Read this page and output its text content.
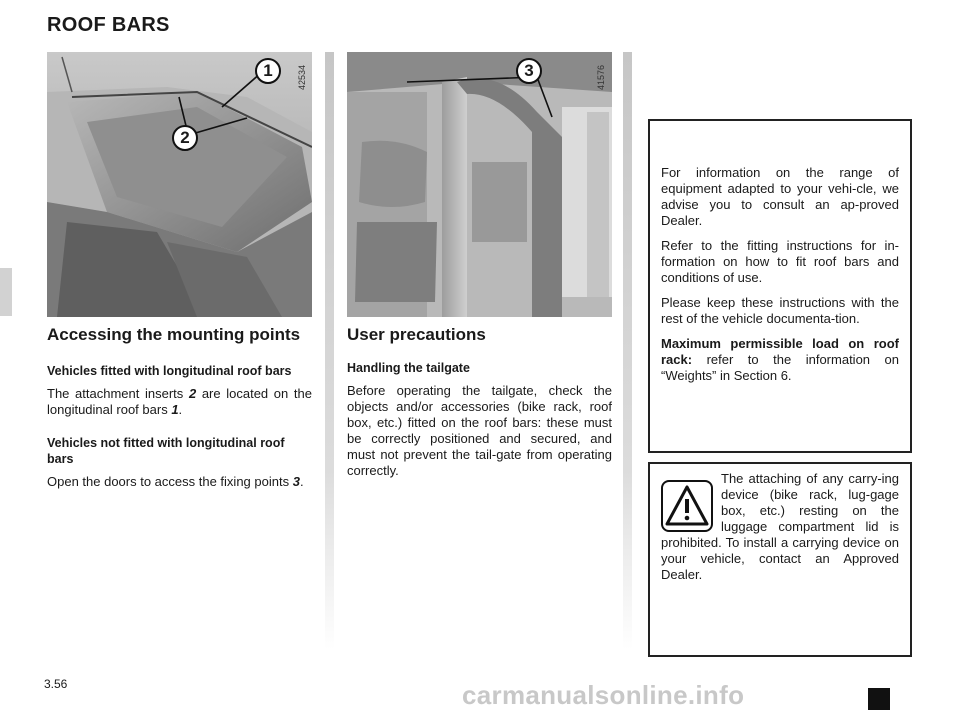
ROOF BARS
1
2
42534	3	41576
Accessing the mounting points
Vehicles fitted with longitudinal roof bars
The attachment inserts 2 are located on the longitudinal roof bars 1.
Vehicles not fitted with longitudinal roof bars
Open the doors to access the fixing points 3.
User precautions
Handling the tailgate
Before operating the tailgate, check the objects and/or accessories (bike rack, roof box, etc.) fitted on the roof bars: these must be correctly positioned and secured, and must not prevent the tail-gate from operating correctly.
For information on the range of equipment adapted to your vehi-cle, we advise you to consult an ap-proved Dealer.
Refer to the fitting instructions for in-formation on how to fit roof bars and conditions of use.
Please keep these instructions with the rest of the vehicle documenta-tion.
Maximum permissible load on roof rack: refer to the information on “Weights” in Section 6.
The attaching of any carry-ing device (bike rack, lug-gage box, etc.) resting on the luggage compartment lid is prohibited. To install a carrying device on your vehicle, contact an Approved Dealer.
3.56	carmanualsonline.info
